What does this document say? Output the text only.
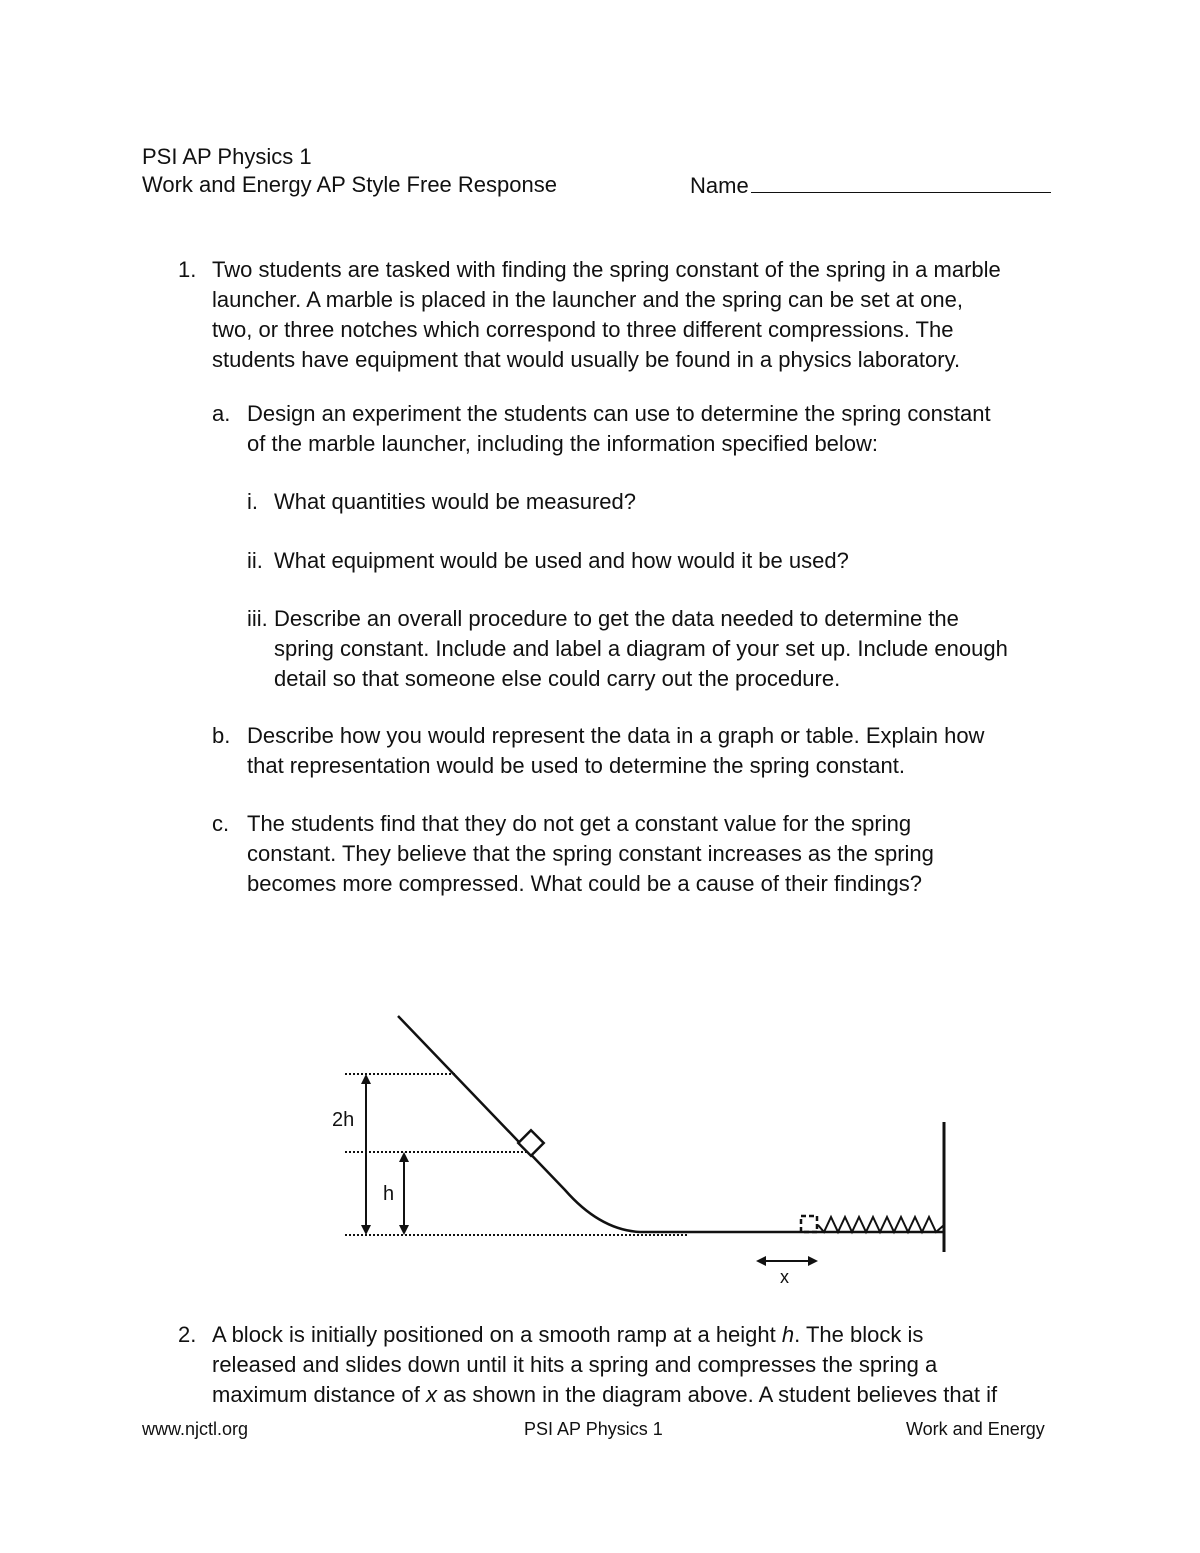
PSI AP Physics 1
Work and Energy AP Style Free Response	Name
1. Two students are tasked with finding the spring constant of the spring in a marble
launcher. A marble is placed in the launcher and the spring can be set at one,
two, or three notches which correspond to three different compressions. The
students have equipment that would usually be found in a physics laboratory.
a. Design an experiment the students can use to determine the spring constant
of the marble launcher, including the information specified below:
i. What quantities would be measured?
ii. What equipment would be used and how would it be used?
iii. Describe an overall procedure to get the data needed to determine the
spring constant. Include and label a diagram of your set up. Include enough
detail so that someone else could carry out the procedure.
b. Describe how you would represent the data in a graph or table. Explain how
that representation would be used to determine the spring constant.
c. The students find that they do not get a constant value for the spring
constant. They believe that the spring constant increases as the spring
becomes more compressed. What could be a cause of their findings?
2h
h
x
2. A block is initially positioned on a smooth ramp at a height h. The block is
released and slides down until it hits a spring and compresses the spring a
maximum distance of x as shown in the diagram above. A student believes that if
www.njctl.org	PSI AP Physics 1	Work and Energy
